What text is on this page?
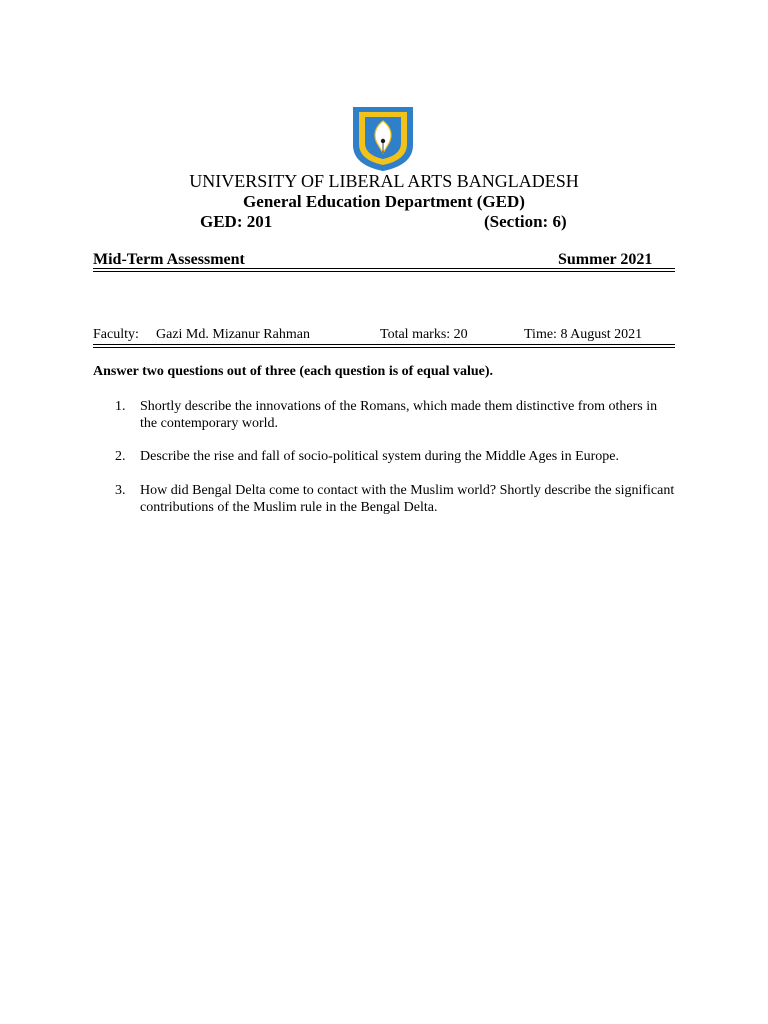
UNIVERSITY OF LIBERAL ARTS BANGLADESH
General Education Department (GED)
GED: 201	(Section: 6)
Mid-Term Assessment	Summer 2021
Faculty: Gazi Md. Mizanur Rahman	Total marks: 20	Time: 8 August 2021
Answer two questions out of three (each question is of equal value).
1.	Shortly describe the innovations of the Romans, which made them distinctive from others in the contemporary world.
2.	Describe the rise and fall of socio-political system during the Middle Ages in Europe.
3.	How did Bengal Delta come to contact with the Muslim world? Shortly describe the significant contributions of the Muslim rule in the Bengal Delta.
